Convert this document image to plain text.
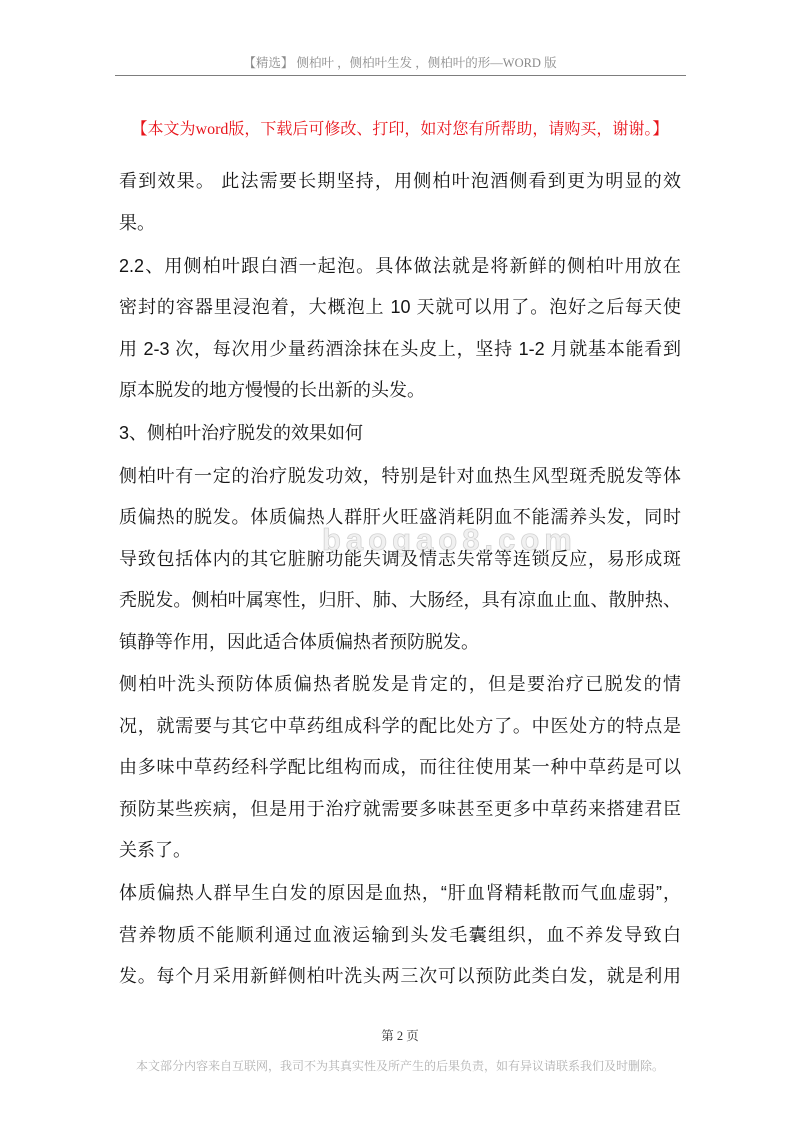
【精选】 侧柏叶 ，侧柏叶生发 ，侧柏叶的形—WORD 版
【本文为word版，下载后可修改、打印，如对您有所帮助，请购买，谢谢。】
baogao8.com
看到效果。 此法需要长期坚持，用侧柏叶泡酒侧看到更为明显的效
果。
2.2、用侧柏叶跟白酒一起泡。具体做法就是将新鲜的侧柏叶用放在
密封的容器里浸泡着，大概泡上 10 天就可以用了。泡好之后每天使
用 2-3 次，每次用少量药酒涂抹在头皮上，坚持 1-2 月就基本能看到
原本脱发的地方慢慢的长出新的头发。
3、侧柏叶治疗脱发的效果如何
侧柏叶有一定的治疗脱发功效，特别是针对血热生风型斑秃脱发等体
质偏热的脱发。体质偏热人群肝火旺盛消耗阴血不能濡养头发，同时
导致包括体内的其它脏腑功能失调及情志失常等连锁反应，易形成斑
秃脱发。侧柏叶属寒性，归肝、肺、大肠经，具有凉血止血、散肿热、
镇静等作用，因此适合体质偏热者预防脱发。
侧柏叶洗头预防体质偏热者脱发是肯定的，但是要治疗已脱发的情
况，就需要与其它中草药组成科学的配比处方了。中医处方的特点是
由多味中草药经科学配比组构而成，而往往使用某一种中草药是可以
预防某些疾病，但是用于治疗就需要多味甚至更多中草药来搭建君臣
关系了。
体质偏热人群早生白发的原因是血热，“肝血肾精耗散而气血虚弱”，
营养物质不能顺利通过血液运输到头发毛囊组织，血不养发导致白
发。每个月采用新鲜侧柏叶洗头两三次可以预防此类白发，就是利用
第 2 页
本文部分内容来自互联网，我司不为其真实性及所产生的后果负责，如有异议请联系我们及时删除。
